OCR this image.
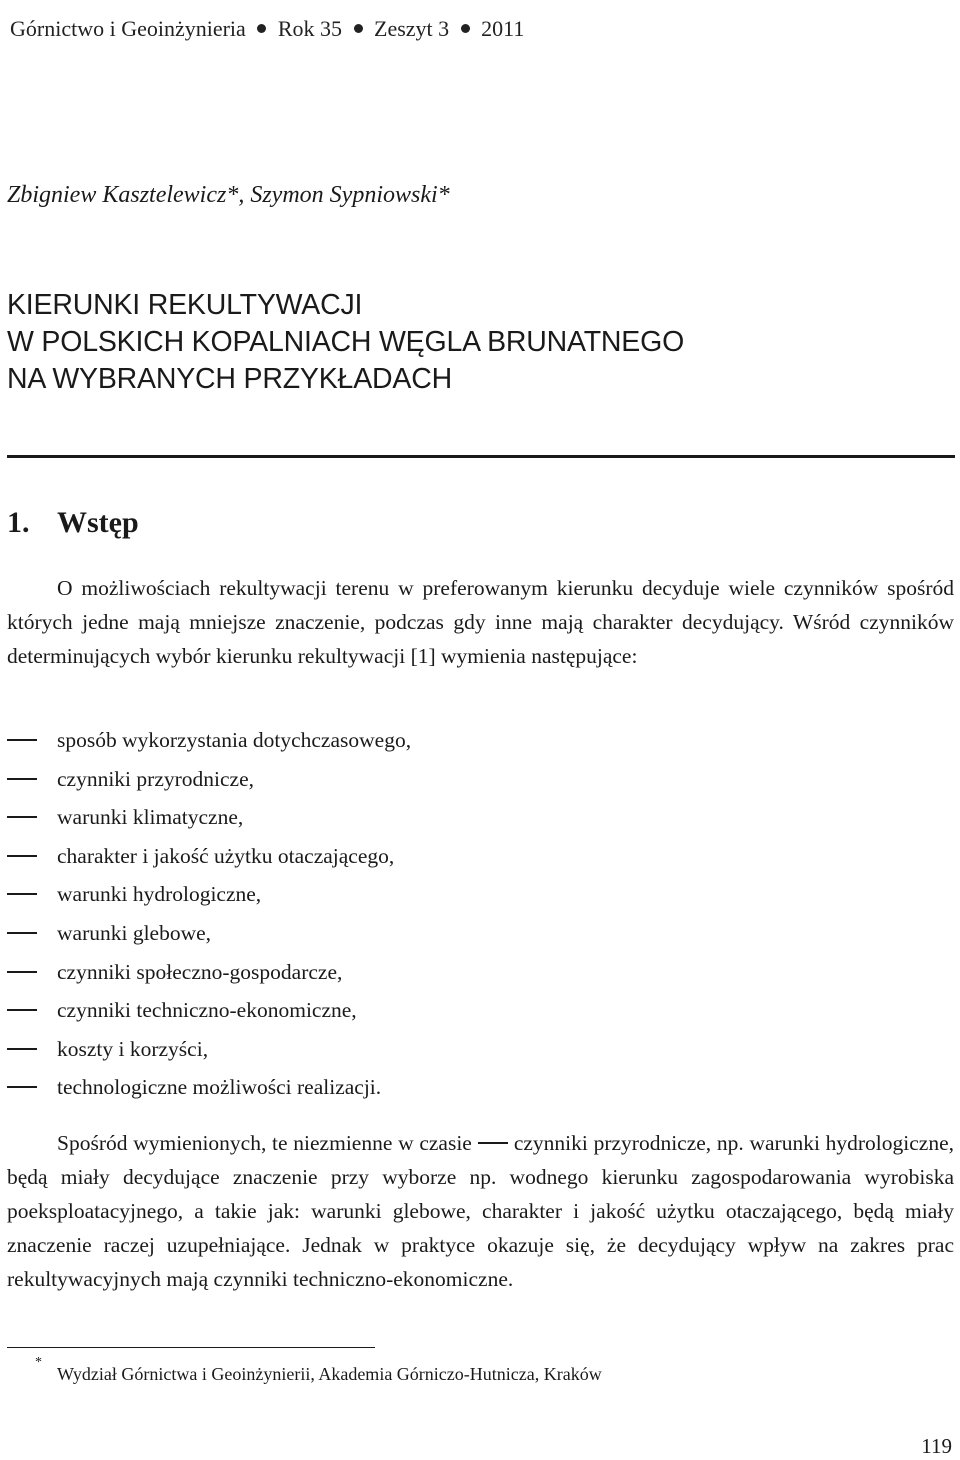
Górnictwo i Geoinżynieria Rok 35 Zeszyt 3 2011
Zbigniew Kasztelewicz*, Szymon Sypniowski*
KIERUNKI REKULTYWACJI
W POLSKICH KOPALNIACH WĘGLA BRUNATNEGO
NA WYBRANYCH PRZYKŁADACH
1. Wstęp
O możliwościach rekultywacji terenu w preferowanym kierunku decyduje wiele czynników spośród których jedne mają mniejsze znaczenie, podczas gdy inne mają charakter decydujący. Wśród czynników determinujących wybór kierunku rekultywacji [1] wymienia następujące:
sposób wykorzystania dotychczasowego,
czynniki przyrodnicze,
warunki klimatyczne,
charakter i jakość użytku otaczającego,
warunki hydrologiczne,
warunki glebowe,
czynniki społeczno-gospodarcze,
czynniki techniczno-ekonomiczne,
koszty i korzyści,
technologiczne możliwości realizacji.
Spośród wymienionych, te niezmienne w czasie czynniki przyrodnicze, np. warunki hydrologiczne, będą miały decydujące znaczenie przy wyborze np. wodnego kierunku zagospodarowania wyrobiska poeksploatacyjnego, a takie jak: warunki glebowe, charakter i jakość użytku otaczającego, będą miały znaczenie raczej uzupełniające. Jednak w praktyce okazuje się, że decydujący wpływ na zakres prac rekultywacyjnych mają czynniki techniczno-ekonomiczne.
*
Wydział Górnictwa i Geoinżynierii, Akademia Górniczo-Hutnicza, Kraków
119
